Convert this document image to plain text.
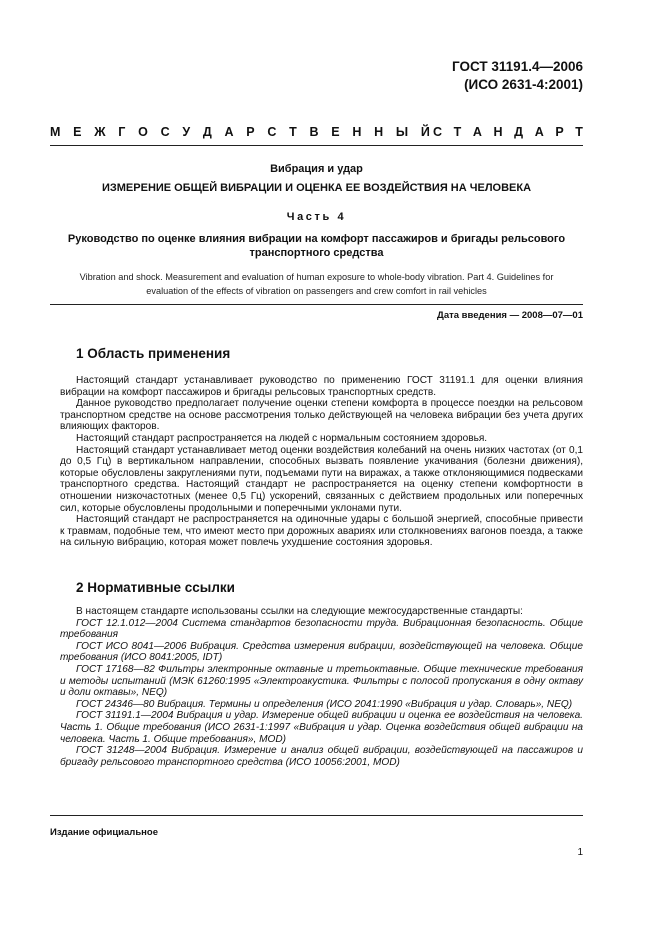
ГОСТ 31191.4—2006
(ИСО 2631-4:2001)
М Е Ж Г О С У Д А Р С Т В Е Н Н Ы Й С Т А Н Д А Р Т
Вибрация и удар
ИЗМЕРЕНИЕ ОБЩЕЙ ВИБРАЦИИ И ОЦЕНКА ЕЕ ВОЗДЕЙСТВИЯ НА ЧЕЛОВЕКА
Часть 4
Руководство по оценке влияния вибрации на комфорт пассажиров и бригады рельсового
транспортного средства
Vibration and shock. Measurement and evaluation of human exposure to whole-body vibration. Part 4. Guidelines for
evaluation of the effects of vibration on passengers and crew comfort in rail vehicles
Дата введения — 2008—07—01
1 Область применения

Настоящий стандарт устанавливает руководство по применению ГОСТ 31191.1 для оценки влияния вибрации на комфорт пассажиров и бригады рельсовых транспортных средств.

Данное руководство предполагает получение оценки степени комфорта в процессе поездки на рельсовом транспортном средстве на основе рассмотрения только действующей на человека вибрации без учета других влияющих факторов.

Настоящий стандарт распространяется на людей с нормальным состоянием здоровья.

Настоящий стандарт устанавливает метод оценки воздействия колебаний на очень низких частотах (от 0,1 до 0,5 Гц) в вертикальном направлении, способных вызвать появление укачивания (болезни движения), которые обусловлены закруглениями пути, подъемами пути на виражах, а также отклоняющимися подвесками транспортного средства. Настоящий стандарт не распространяется на оценку степени комфортности в отношении низкочастотных (менее 0,5 Гц) ускорений, связанных с действием продольных или поперечных сил, которые обусловлены продольными и поперечными уклонами пути.

Настоящий стандарт не распространяется на одиночные удары с большой энергией, способные привести к травмам, подобные тем, что имеют место при дорожных авариях или столкновениях вагонов поезда, а также на сильную вибрацию, которая может повлечь ухудшение состояния здоровья.

2 Нормативные ссылки

В настоящем стандарте использованы ссылки на следующие межгосударственные стандарты:

ГОСТ 12.1.012—2004 Система стандартов безопасности труда. Вибрационная безопасность. Общие требования

ГОСТ ИСО 8041—2006 Вибрация. Средства измерения вибрации, воздействующей на человека. Общие требования (ИСО 8041:2005, IDT)

ГОСТ 17168—82 Фильтры электронные октавные и третьоктавные. Общие технические требования и методы испытаний (МЭК 61260:1995 «Электроакустика. Фильтры с полосой пропускания в одну октаву и доли октавы», NEQ)

ГОСТ 24346—80 Вибрация. Термины и определения (ИСО 2041:1990 «Вибрация и удар. Словарь», NEQ)

ГОСТ 31191.1—2004 Вибрация и удар. Измерение общей вибрации и оценка ее воздействия на человека. Часть 1. Общие требования (ИСО 2631-1:1997 «Вибрация и удар. Оценка воздействия общей вибрации на человека. Часть 1. Общие требования», MOD)

ГОСТ 31248—2004 Вибрация. Измерение и анализ общей вибрации, воздействующей на пассажиров и бригаду рельсового транспортного средства (ИСО 10056:2001, MOD)

Издание официальное
1
